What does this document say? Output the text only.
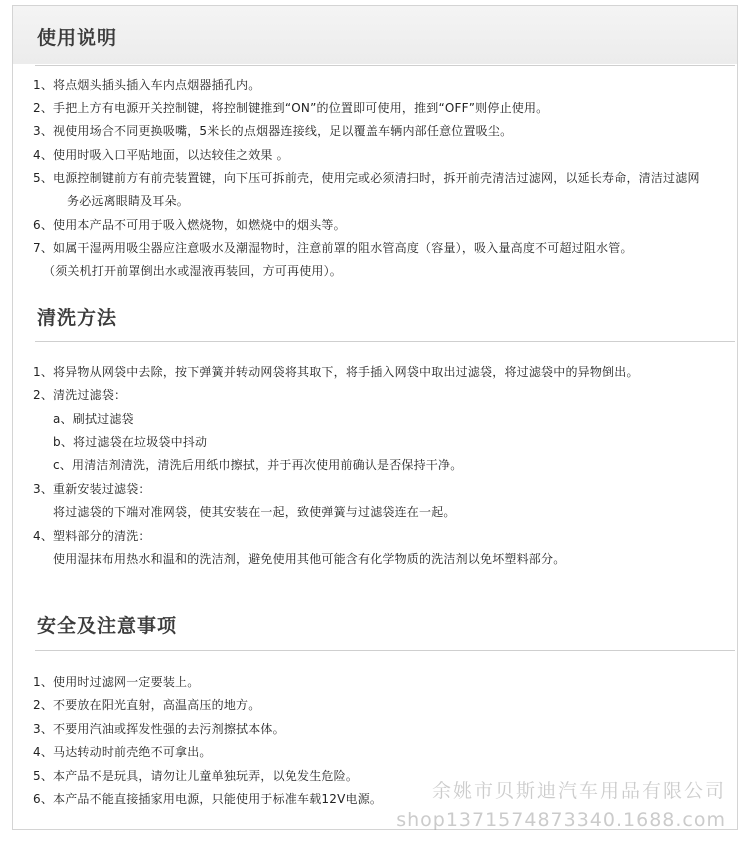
使用说明

1、将点烟头插头插入车内点烟器插孔内。

2、手把上方有电源开关控制键，将控制键推到“ON”的位置即可使用，推到“OFF”则停止使用。

3、视使用场合不同更换吸嘴，5米长的点烟器连接线，足以覆盖车辆内部任意位置吸尘。

4、使用时吸入口平贴地面，以达较佳之效果 。

5、电源控制键前方有前壳装置键，向下压可拆前壳，使用完或必须清扫时，拆开前壳清洁过滤网，以延长寿命，清洁过滤网

务必远离眼睛及耳朵。

6、使用本产品不可用于吸入燃烧物，如燃烧中的烟头等。

7、如属干湿两用吸尘器应注意吸水及潮湿物时，注意前罩的阻水管高度（容量），吸入量高度不可超过阻水管。

（须关机打开前罩倒出水或湿液再装回，方可再使用）。

清洗方法

1、将异物从网袋中去除，按下弹簧并转动网袋将其取下，将手插入网袋中取出过滤袋，将过滤袋中的异物倒出。

2、清洗过滤袋：

a、刷拭过滤袋

b、将过滤袋在垃圾袋中抖动

c、用清洁剂清洗，清洗后用纸巾擦拭，并于再次使用前确认是否保持干净。

3、重新安装过滤袋：

将过滤袋的下端对准网袋，使其安装在一起，致使弹簧与过滤袋连在一起。

4、塑料部分的清洗：

使用湿抹布用热水和温和的洗洁剂，避免使用其他可能含有化学物质的洗洁剂以免坏塑料部分。

安全及注意事项

1、使用时过滤网一定要装上。

2、不要放在阳光直射，高温高压的地方。

3、不要用汽油或挥发性强的去污剂擦拭本体。

4、马达转动时前壳绝不可拿出。

5、本产品不是玩具，请勿让儿童单独玩弄，以免发生危险。

6、本产品不能直接插家用电源，只能使用于标准车载12V电源。	余姚市贝斯迪汽车用品有限公司
shop1371574873340.1688.com
